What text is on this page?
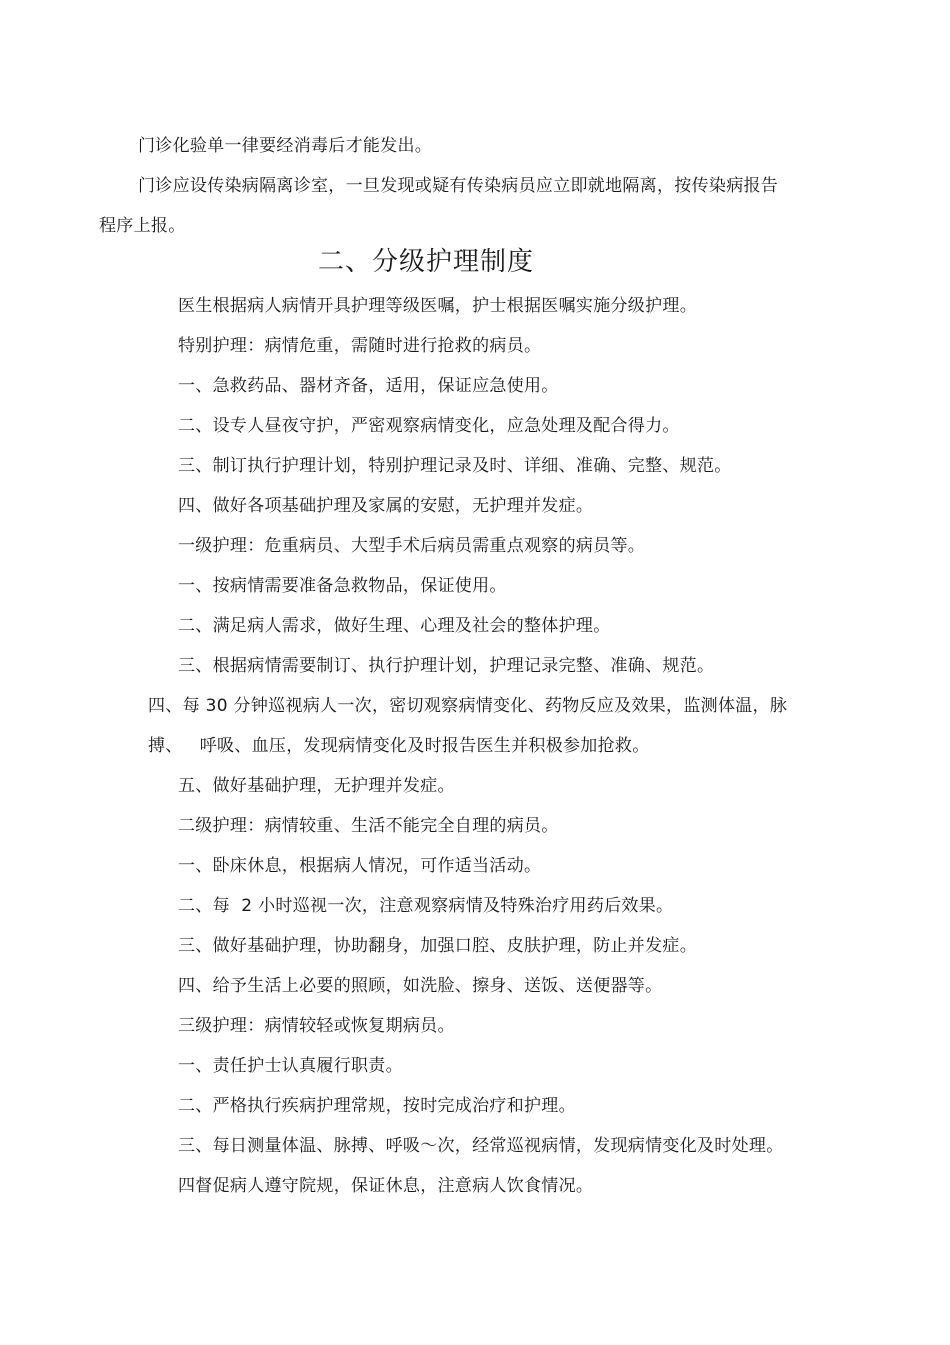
门诊化验单一律要经消毒后才能发出。
门诊应设传染病隔离诊室，一旦发现或疑有传染病员应立即就地隔离，按传染病报告
程序上报。
二、分级护理制度
医生根据病人病情开具护理等级医嘱，护士根据医嘱实施分级护理。
特别护理：病情危重，需随时进行抢救的病员。
一、急救药品、器材齐备，适用，保证应急使用。
二、设专人昼夜守护，严密观察病情变化，应急处理及配合得力。
三、制订执行护理计划，特别护理记录及时、详细、准确、完整、规范。
四、做好各项基础护理及家属的安慰，无护理并发症。
一级护理：危重病员、大型手术后病员需重点观察的病员等。
一、按病情需要准备急救物品，保证使用。
二、满足病人需求，做好生理、心理及社会的整体护理。
三、根据病情需要制订、执行护理计划，护理记录完整、准确、规范。
四、每 30 分钟巡视病人一次，密切观察病情变化、药物反应及效果，监测体温，脉
搏、   呼吸、血压，发现病情变化及时报告医生并积极参加抢救。
五、做好基础护理，无护理并发症。
二级护理：病情较重、生活不能完全自理的病员。
一、卧床休息，根据病人情况，可作适当活动。
二、每  2 小时巡视一次，注意观察病情及特殊治疗用药后效果。
三、做好基础护理，协助翻身，加强口腔、皮肤护理，防止并发症。
四、给予生活上必要的照顾，如洗脸、擦身、送饭、送便器等。
三级护理：病情较轻或恢复期病员。
一、责任护士认真履行职责。
二、严格执行疾病护理常规，按时完成治疗和护理。
三、每日测量体温、脉搏、呼吸～次，经常巡视病情，发现病情变化及时处理。
四督促病人遵守院规，保证休息，注意病人饮食情况。
